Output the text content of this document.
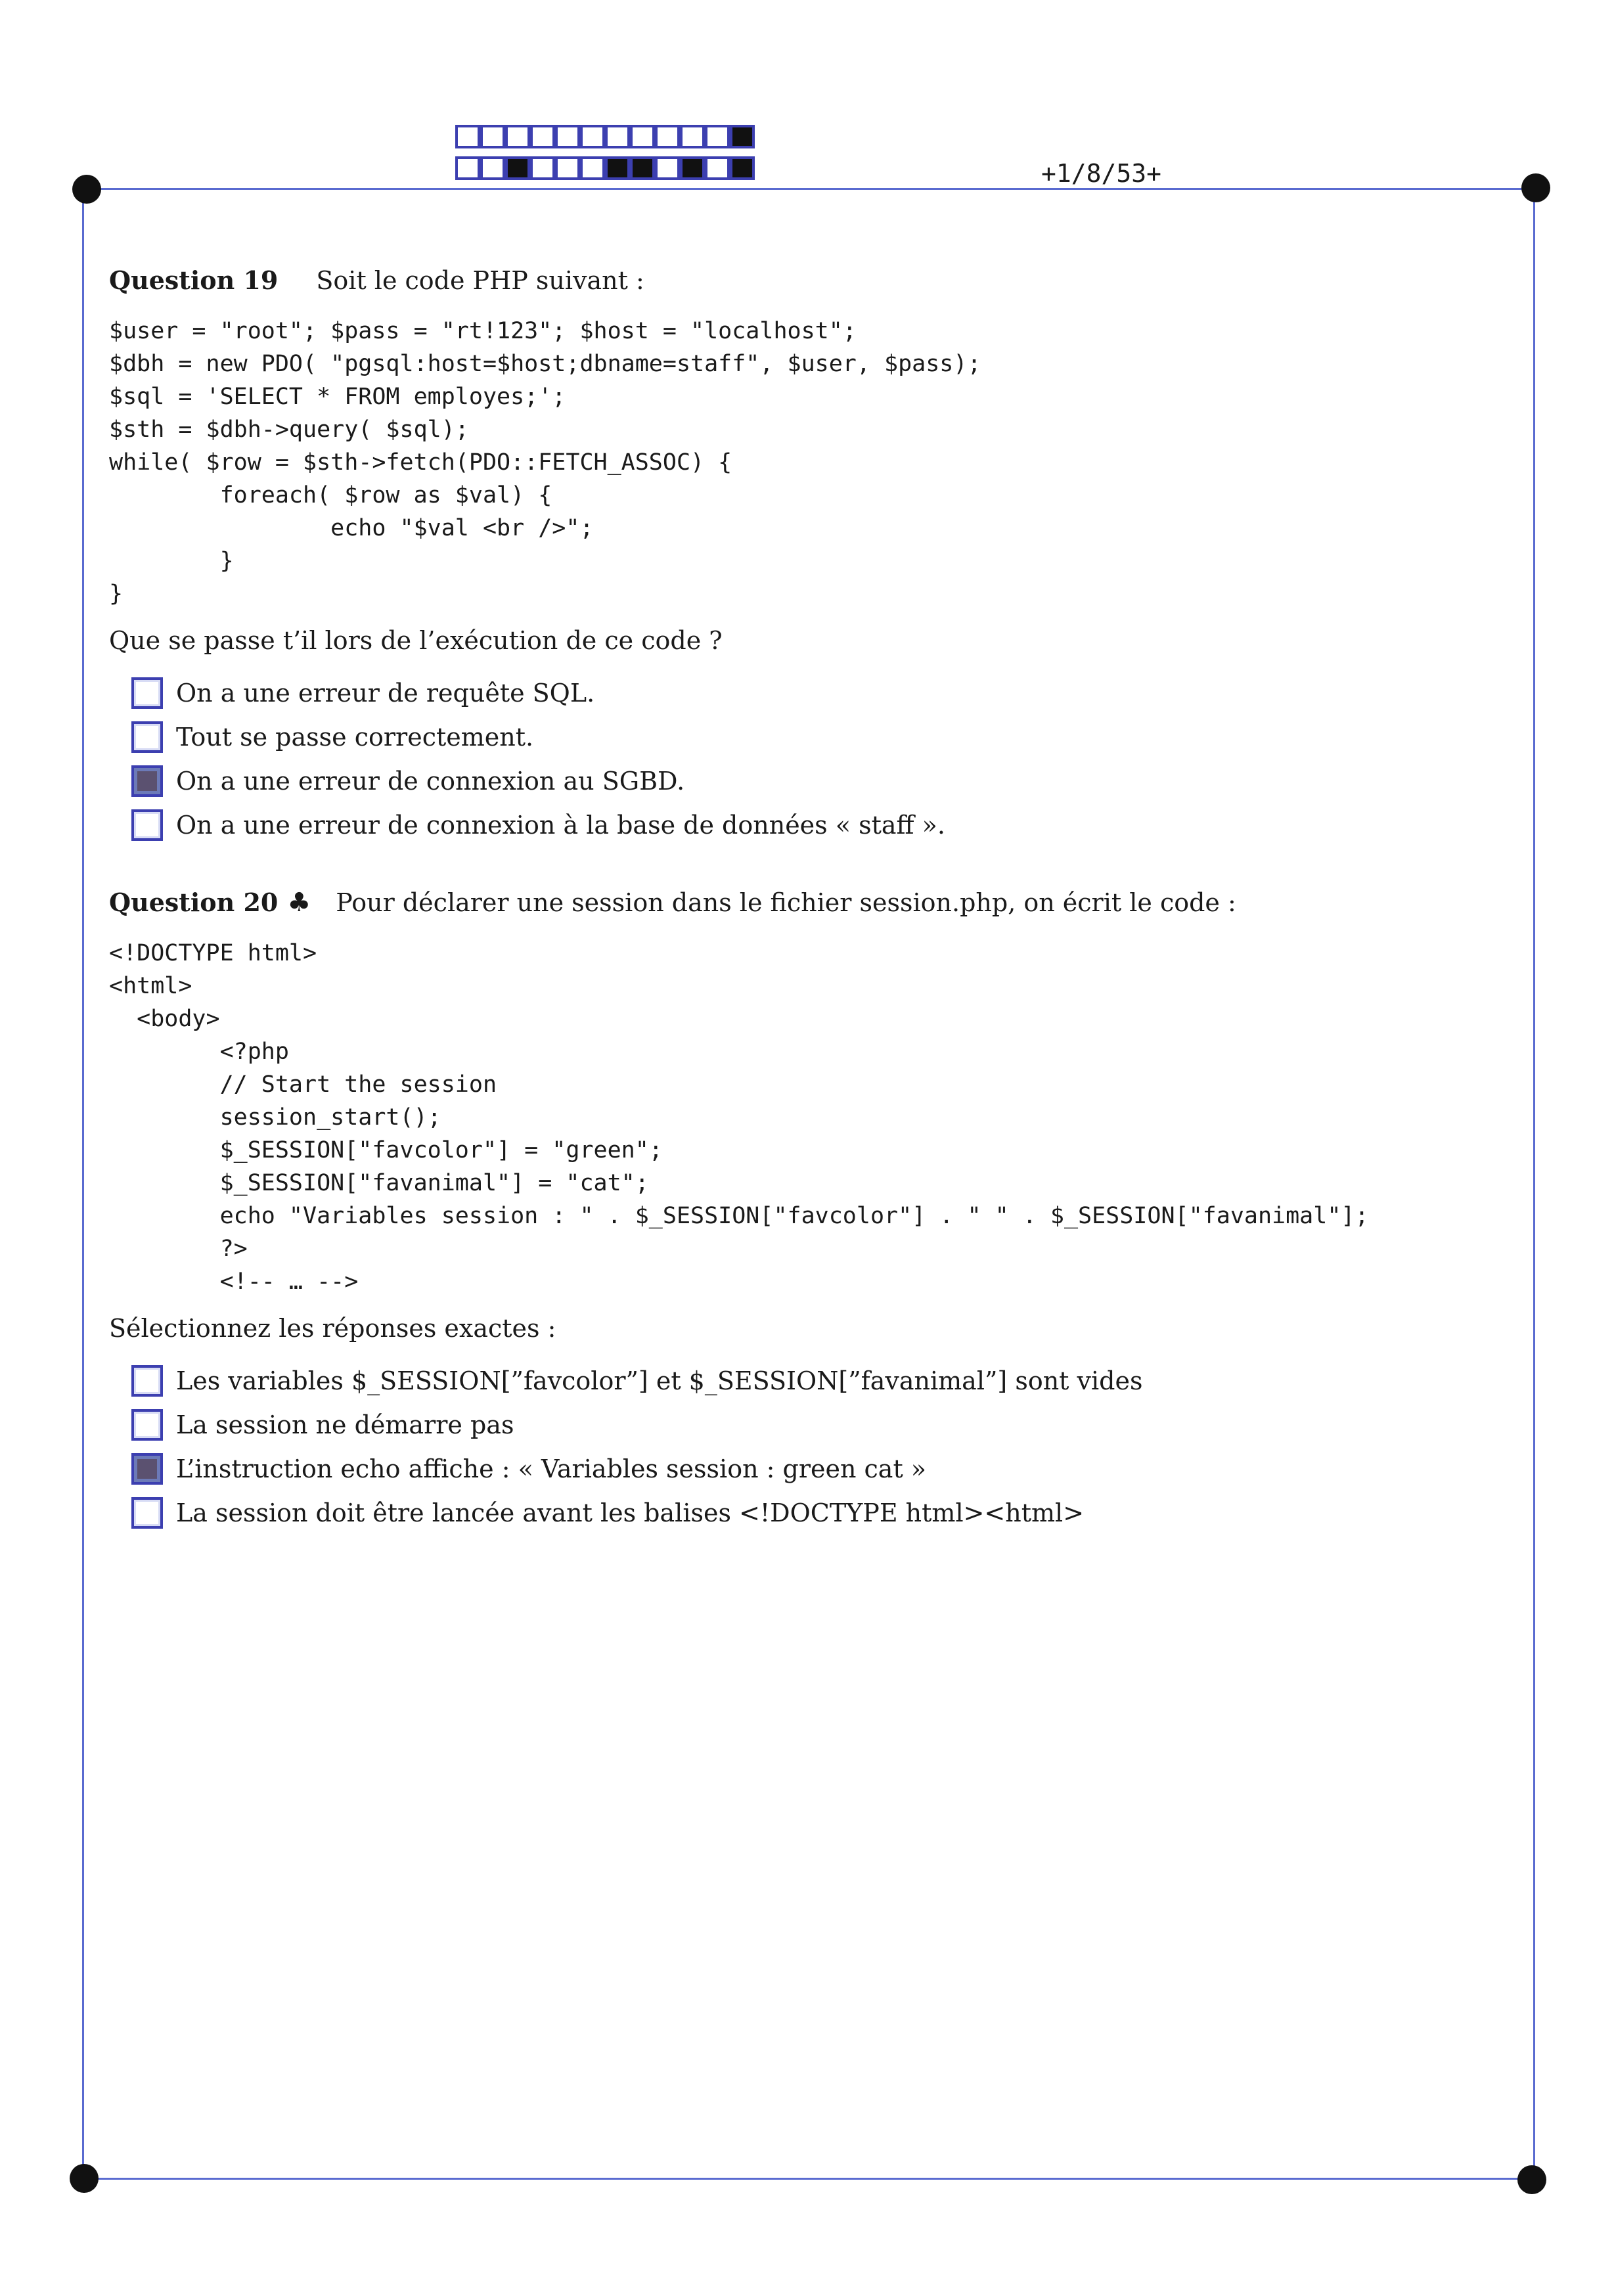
+1/8/53+
Question 19 Soit le code PHP suivant :
$user = "root"; $pass = "rt!123"; $host = "localhost";
$dbh = new PDO( "pgsql:host=$host;dbname=staff", $user, $pass);
$sql = 'SELECT * FROM employes;';
$sth = $dbh->query( $sql);
while( $row = $sth->fetch(PDO::FETCH_ASSOC) {
foreach( $row as $val) {
echo "$val <br />";
}
}
Que se passe t’il lors de l’exécution de ce code ?
On a une erreur de requête SQL.
Tout se passe correctement.
On a une erreur de connexion au SGBD.
On a une erreur de connexion à la base de données « staff ».
Question 20 ♣ Pour déclarer une session dans le fichier session.php, on écrit le code :
<!DOCTYPE html>
<html>
<body>
<?php
// Start the session
session_start();
$_SESSION["favcolor"] = "green";
$_SESSION["favanimal"] = "cat";
echo "Variables session : " . $_SESSION["favcolor"] . " " . $_SESSION["favanimal"];
?>
<!-- … -->
Sélectionnez les réponses exactes :
Les variables $_SESSION[”favcolor”] et $_SESSION[”favanimal”] sont vides
La session ne démarre pas
L’instruction echo affiche : « Variables session : green cat »
La session doit être lancée avant les balises <!DOCTYPE html><html>
